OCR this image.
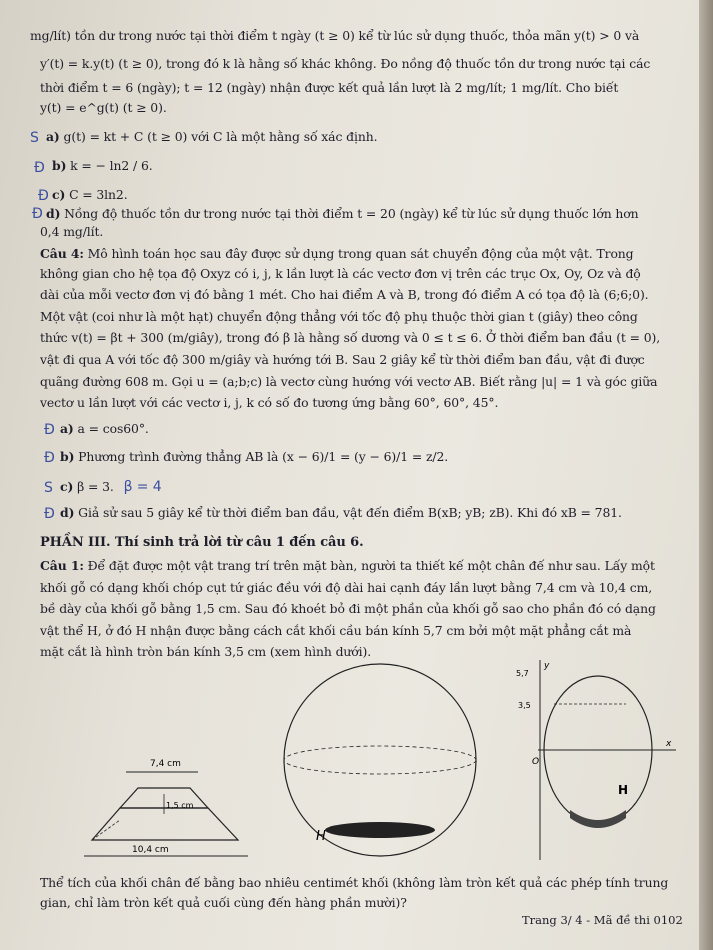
mg/lít) tồn dư trong nước tại thời điểm t ngày (t ≥ 0) kể từ lúc sử dụng thuốc, thỏa mãn y(t) > 0 và
y′(t) = k.y(t) (t ≥ 0), trong đó k là hằng số khác không. Đo nồng độ thuốc tồn dư trong nước tại các
thời điểm t = 6 (ngày); t = 12 (ngày) nhận được kết quả lần lượt là 2 mg/lít; 1 mg/lít. Cho biết
y(t) = e^g(t) (t ≥ 0).
S a) g(t) = kt + C (t ≥ 0) với C là một hằng số xác định.
Đ b) k = − ln2 / 6.
Đ c) C = 3ln2.
Đ d) Nồng độ thuốc tồn dư trong nước tại thời điểm t = 20 (ngày) kể từ lúc sử dụng thuốc lớn hơn
0,4 mg/lít.
Câu 4: Mô hình toán học sau đây được sử dụng trong quan sát chuyển động của một vật. Trong
không gian cho hệ tọa độ Oxyz có i, j, k lần lượt là các vectơ đơn vị trên các trục Ox, Oy, Oz và độ
dài của mỗi vectơ đơn vị đó bằng 1 mét. Cho hai điểm A và B, trong đó điểm A có tọa độ là (6;6;0).
Một vật (coi như là một hạt) chuyển động thẳng với tốc độ phụ thuộc thời gian t (giây) theo công
thức v(t) = βt + 300 (m/giây), trong đó β là hằng số dương và 0 ≤ t ≤ 6. Ở thời điểm ban đầu (t = 0),
vật đi qua A với tốc độ 300 m/giây và hướng tới B. Sau 2 giây kể từ thời điểm ban đầu, vật đi được
quãng đường 608 m. Gọi u = (a;b;c) là vectơ cùng hướng với vectơ AB. Biết rằng |u| = 1 và góc giữa
vectơ u lần lượt với các vectơ i, j, k có số đo tương ứng bằng 60°, 60°, 45°.
Đ a) a = cos60°.
Đ b) Phương trình đường thẳng AB là (x − 6)/1 = (y − 6)/1 = z/2.
S c) β = 3. β = 4
Đ d) Giả sử sau 5 giây kể từ thời điểm ban đầu, vật đến điểm B(xB; yB; zB). Khi đó xB = 781.
PHẦN III. Thí sinh trả lời từ câu 1 đến câu 6.
Câu 1: Để đặt được một vật trang trí trên mặt bàn, người ta thiết kế một chân đế như sau. Lấy một
khối gỗ có dạng khối chóp cụt tứ giác đều với độ dài hai cạnh đáy lần lượt bằng 7,4 cm và 10,4 cm,
bề dày của khối gỗ bằng 1,5 cm. Sau đó khoét bỏ đi một phần của khối gỗ sao cho phần đó có dạng
vật thể H, ở đó H nhận được bằng cách cắt khối cầu bán kính 5,7 cm bởi một mặt phẳng cắt mà
mặt cắt là hình tròn bán kính 3,5 cm (xem hình dưới).
7,4 cm
1,5 cm
10,4 cm
H
y
x
O
5,7
3,5
H
Thể tích của khối chân đế bằng bao nhiêu centimét khối (không làm tròn kết quả các phép tính trung
gian, chỉ làm tròn kết quả cuối cùng đến hàng phần mười)?
Trang 3/ 4 - Mã đề thi 0102
